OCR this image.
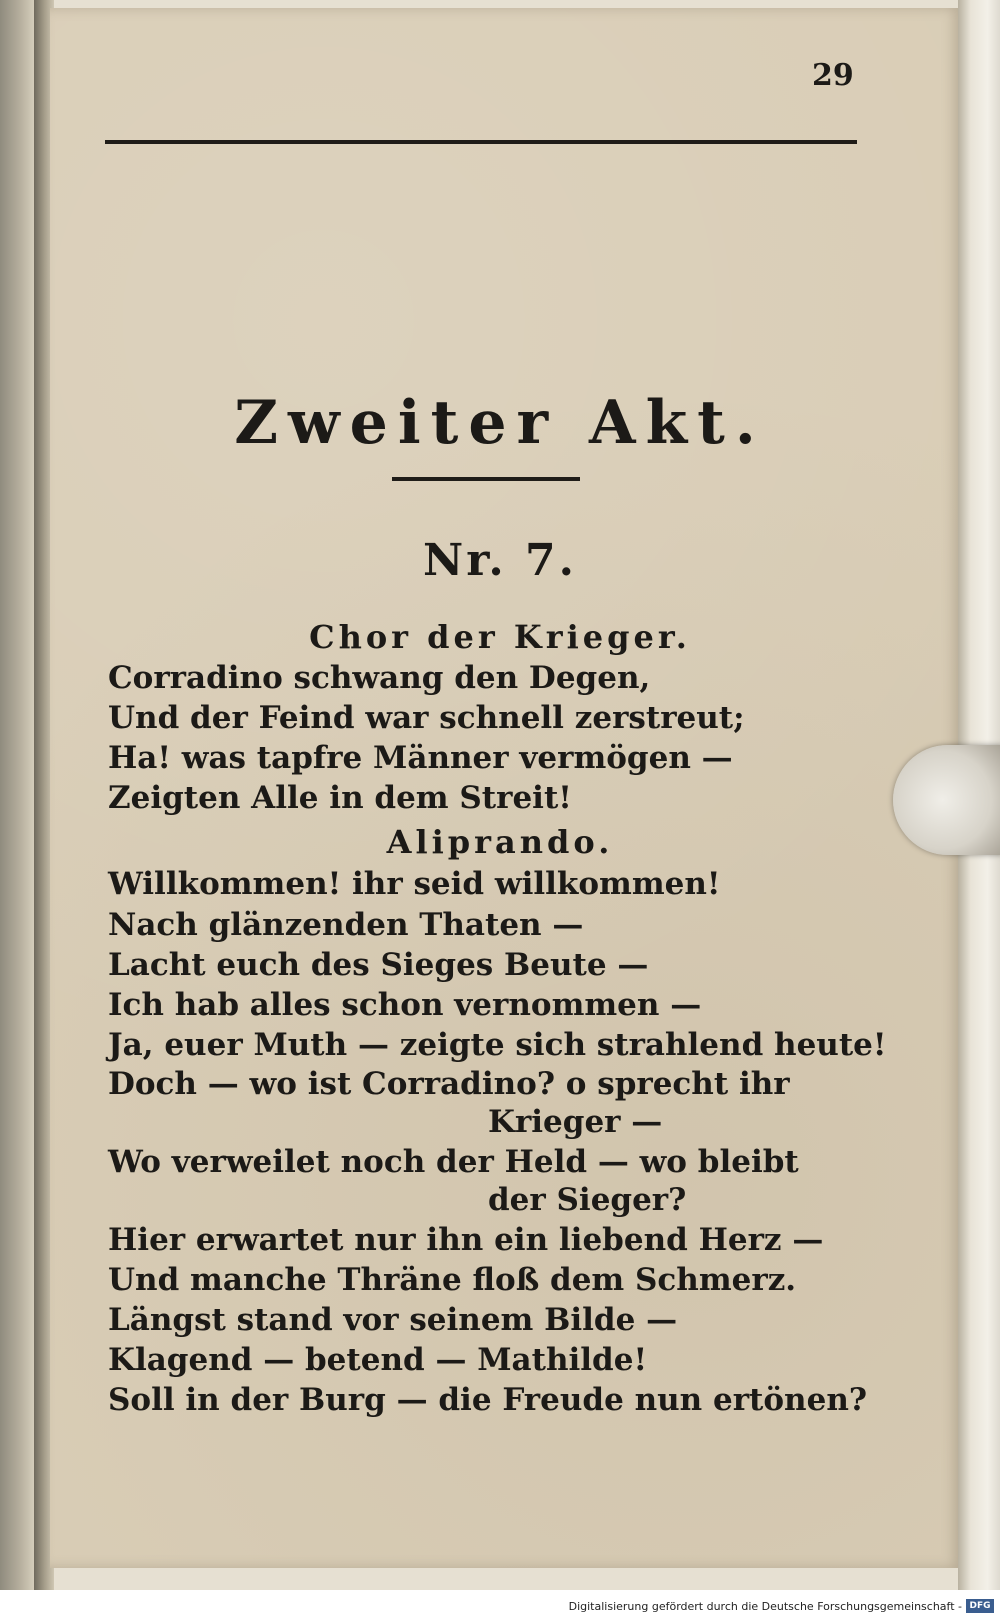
29
Zweiter Akt.
Nr. 7.
Chor der Krieger.
Corradino schwang den Degen,
Und der Feind war schnell zerstreut;
Ha! was tapfre Männer vermögen —
Zeigten Alle in dem Streit!
Aliprando.
Willkommen! ihr seid willkommen!
Nach glänzenden Thaten —
Lacht euch des Sieges Beute —
Ich hab alles schon vernommen —
Ja, euer Muth — zeigte sich strahlend heute!
Doch — wo ist Corradino? o sprecht ihr
Krieger —
Wo verweilet noch der Held — wo bleibt
der Sieger?
Hier erwartet nur ihn ein liebend Herz —
Und manche Thräne floß dem Schmerz.
Längst stand vor seinem Bilde —
Klagend — betend — Mathilde!
Soll in der Burg — die Freude nun ertönen?
Digitalisierung gefördert durch die Deutsche Forschungsgemeinschaft - DFG
